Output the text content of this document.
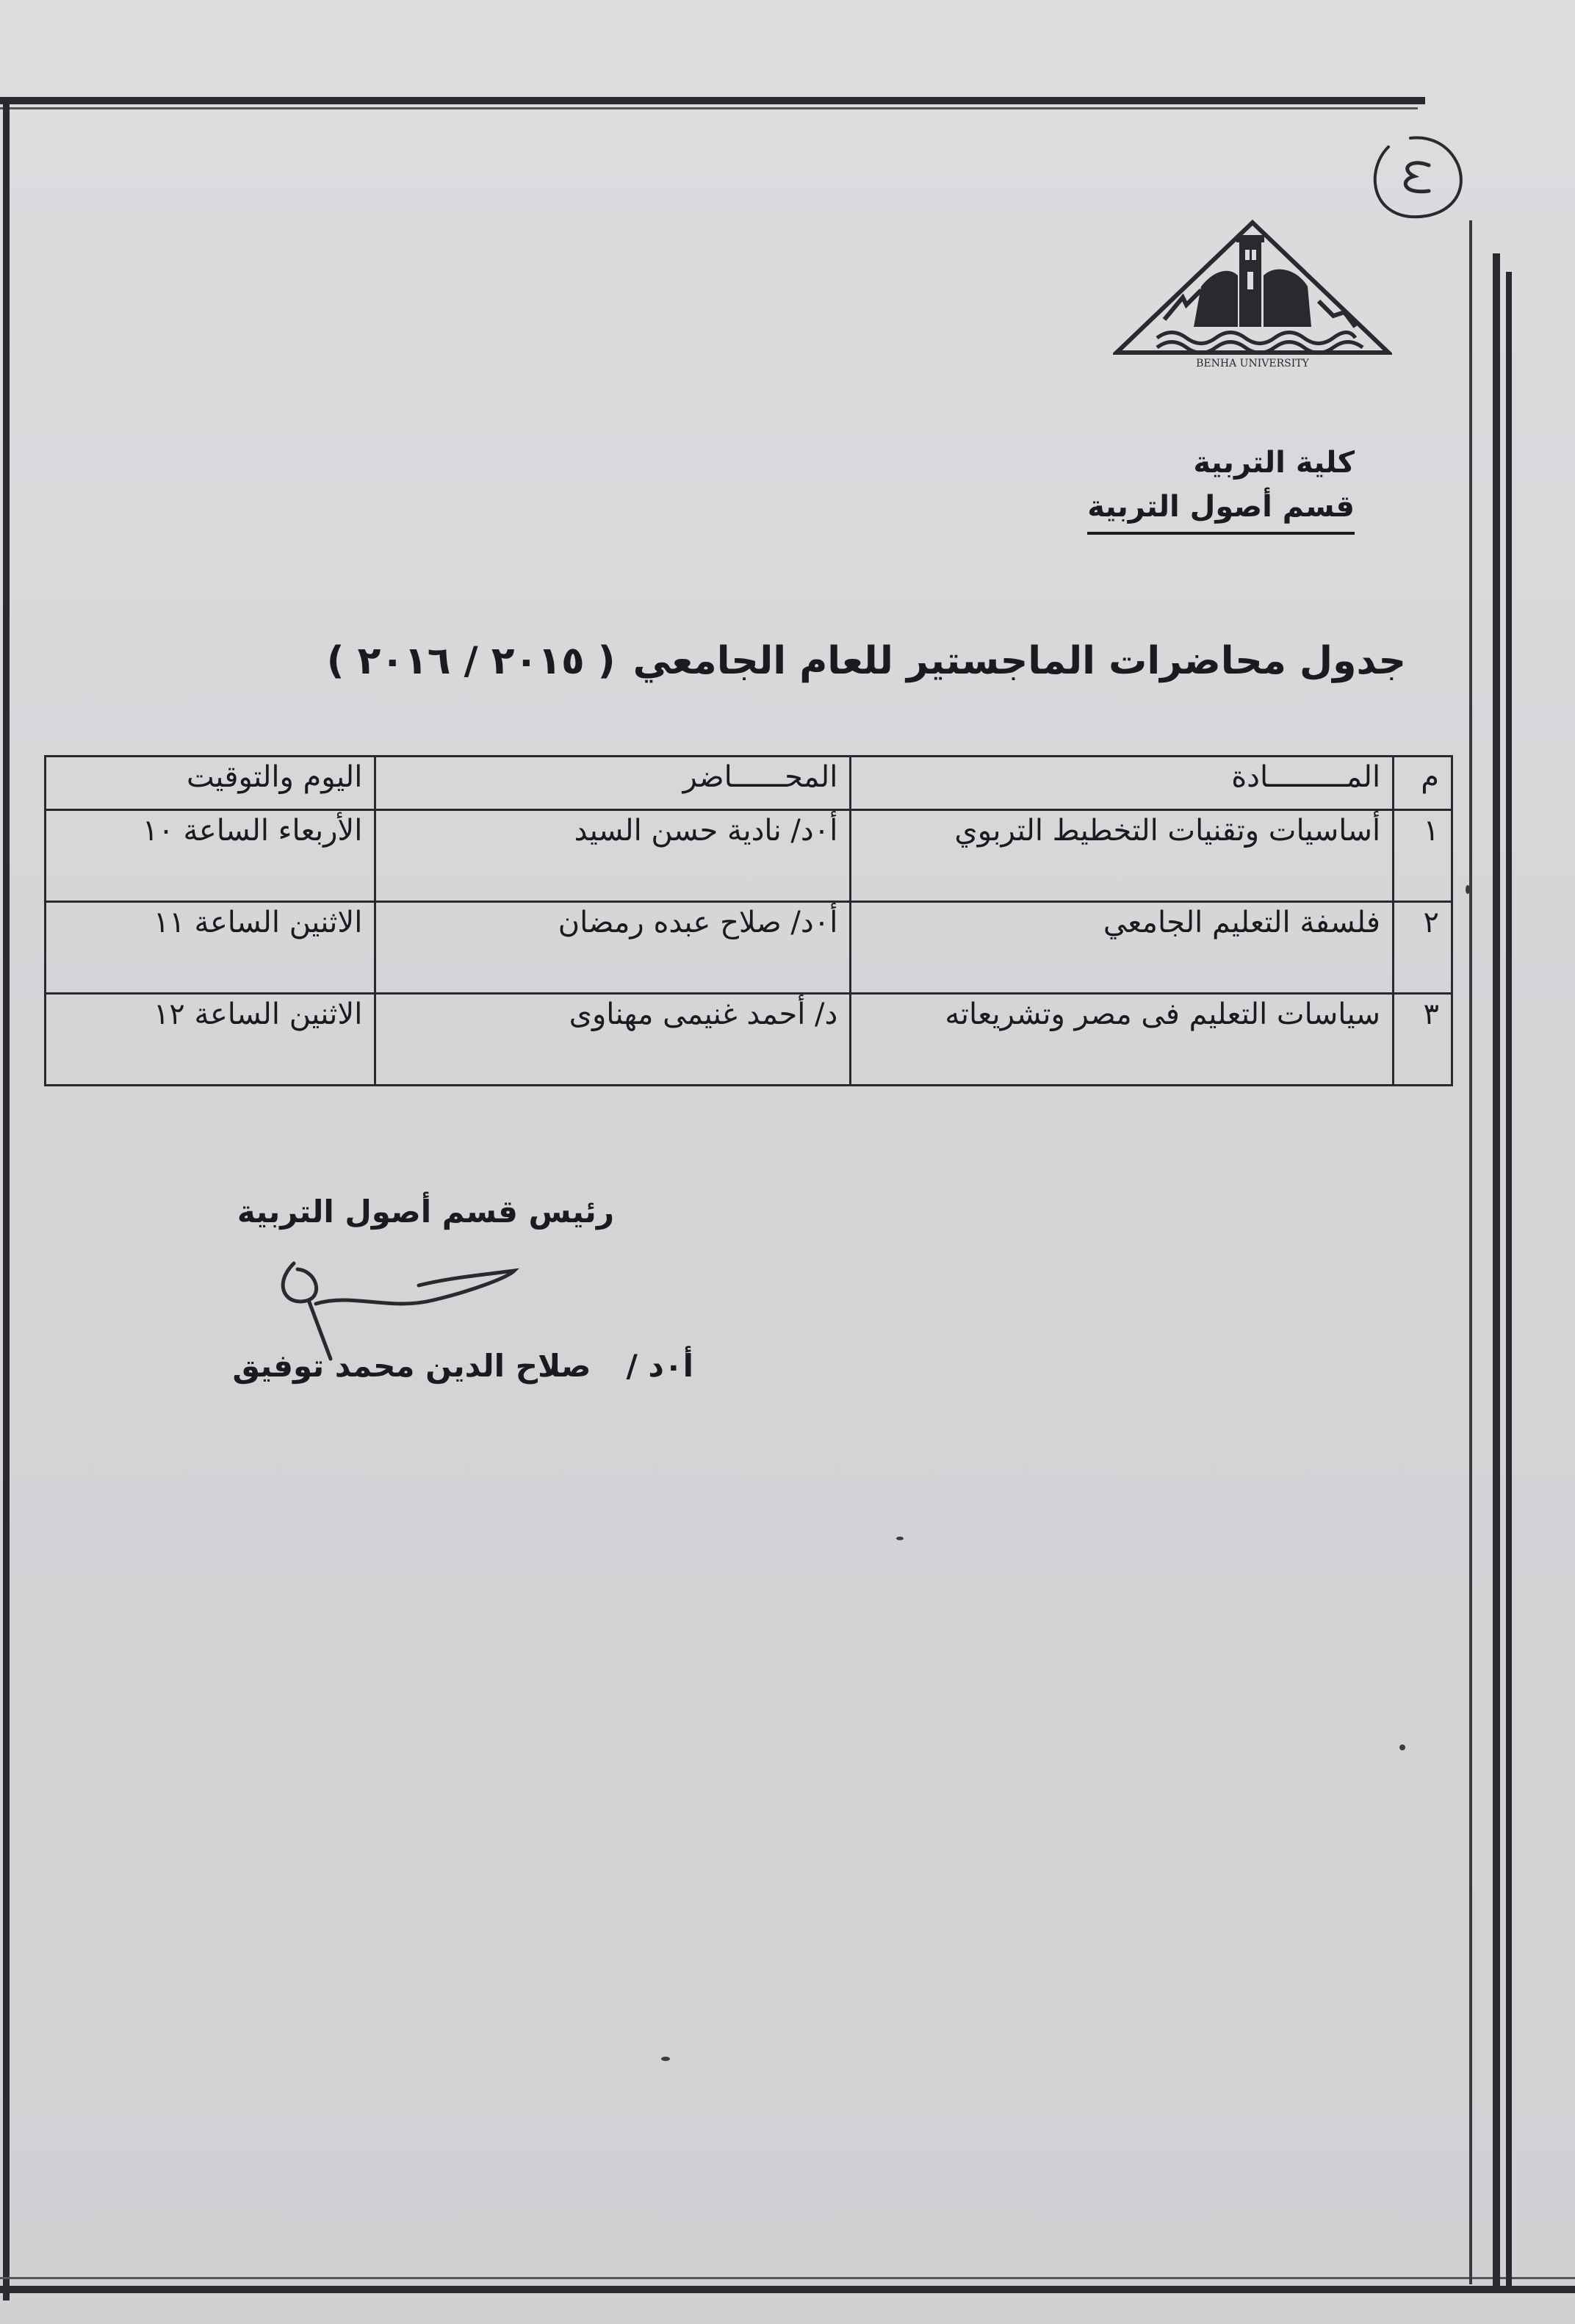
BENHA UNIVERSITY

كلية التربية

قسم أصول التربية

جدول محاضرات الماجستير للعام الجامعي( ٢٠١٥ / ٢٠١٦ )
م	المـــــــــادة	المحــــــاضر	اليوم والتوقيت
١	أساسيات وتقنيات التخطيط التربوي	أ٠د/ نادية حسن السيد	الأربعاء الساعة ١٠
٢	فلسفة التعليم الجامعي	أ٠د/ صلاح عبده رمضان	الاثنين الساعة ١١
٣	سياسات التعليم فى مصر وتشريعاته	د/ أحمد غنيمى مهناوى	الاثنين الساعة ١٢

رئيس قسم أصول التربية

أ٠د /صلاح الدين محمد توفيق
